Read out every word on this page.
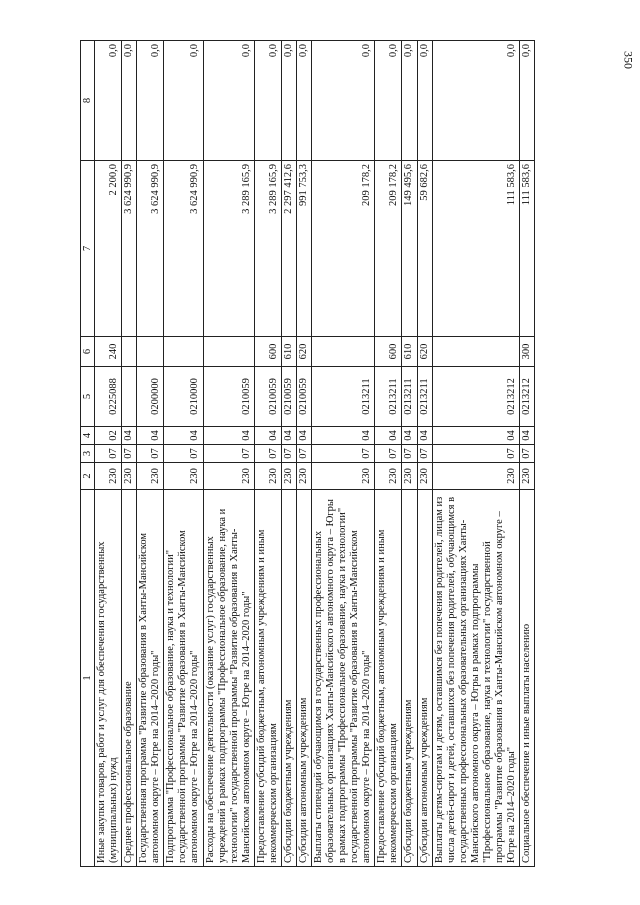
350
1	2	3	4	5	6	7	8
Иные закупки товаров, работ и услуг для обеспечения государственных (муниципальных) нужд	230	07	02	0225088	240	2 200,0	0,0
Среднее профессиональное образование	230	07	04			3 624 990,9	0,0
Государственная программа "Развитие образования в Ханты-Мансийском автономном округе – Югре на 2014–2020 годы"	230	07	04	0200000		3 624 990,9	0,0
Подпрограмма "Профессиональное образование, наука и технологии" государственной программы "Развитие образования в Ханты-Мансийском автономном округе – Югре на 2014–2020 годы"	230	07	04	0210000		3 624 990,9	0,0
Расходы на обеспечение деятельности (оказание услуг) государственных учреждений в рамках подпрограммы "Профессиональное образование, наука и технологии" государственной программы "Развитие образования в Ханты-Мансийском автономном округе – Югре на 2014–2020 годы"	230	07	04	0210059		3 289 165,9	0,0
Предоставление субсидий бюджетным, автономным учреждениям и иным некоммерческим организациям	230	07	04	0210059	600	3 289 165,9	0,0
Субсидии бюджетным учреждениям	230	07	04	0210059	610	2 297 412,6	0,0
Субсидии автономным учреждениям	230	07	04	0210059	620	991 753,3	0,0
Выплаты стипендий обучающимся в государственных профессиональных образовательных организациях Ханты-Мансийского автономного округа – Югры в рамках подпрограммы "Профессиональное образование, наука и технологии" государственной программы "Развитие образования в Ханты-Мансийском автономном округе – Югре на 2014–2020 годы"	230	07	04	0213211		209 178,2	0,0
Предоставление субсидий бюджетным, автономным учреждениям и иным некоммерческим организациям	230	07	04	0213211	600	209 178,2	0,0
Субсидии бюджетным учреждениям	230	07	04	0213211	610	149 495,6	0,0
Субсидии автономным учреждениям	230	07	04	0213211	620	59 682,6	0,0
Выплаты детям-сиротам и детям, оставшимся без попечения родителей, лицам из числа детей-сирот и детей, оставшихся без попечения родителей, обучающимся в государственных профессиональных образовательных организациях Ханты-Мансийского автономного округа – Югры в рамках подпрограммы "Профессиональное образование, наука и технологии" государственной программы "Развитие образования в Ханты-Мансийском автономном округе – Югре на 2014–2020 годы"	230	07	04	0213212		111 583,6	0,0
Социальное обеспечение и иные выплаты населению	230	07	04	0213212	300	111 583,6	0,0
